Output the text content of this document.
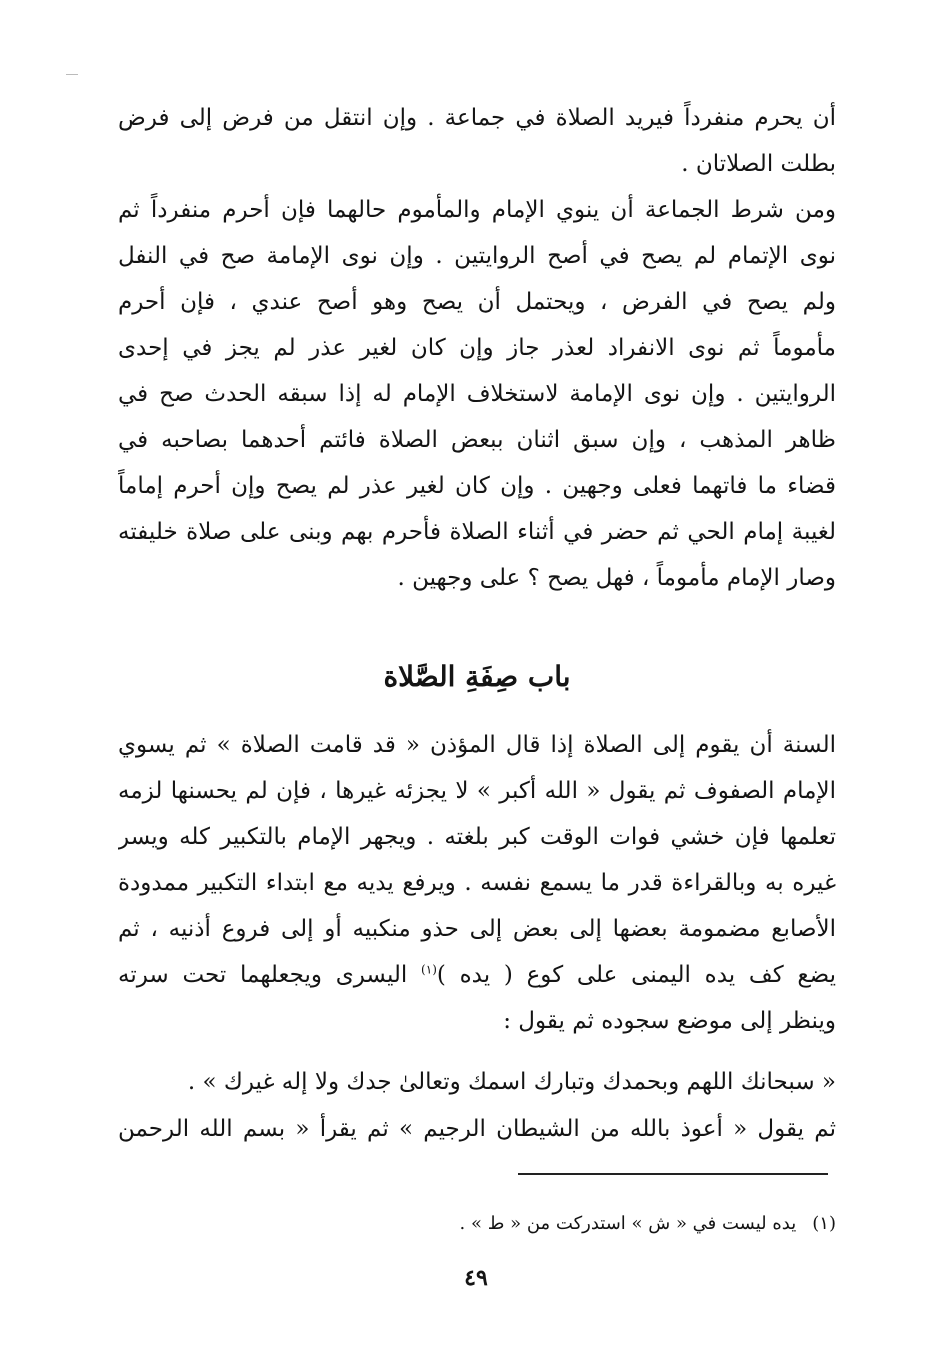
أن يحرم منفرداً فيريد الصلاة في جماعة . وإن انتقل من فرض إلى فرض
بطلت الصلاتان .
ومن شرط الجماعة أن ينوي الإمام والمأموم حالهما فإن أحرم منفرداً ثم
نوى الإتمام لم يصح في أصح الروايتين . وإن نوى الإمامة صح في النفل
ولم يصح في الفرض ، ويحتمل أن يصح وهو أصح عندي ، فإن أحرم
مأموماً ثم نوى الانفراد لعذر جاز وإن كان لغير عذر لم يجز في إحدى
الروايتين . وإن نوى الإمامة لاستخلاف الإمام له إذا سبقه الحدث صح في
ظاهر المذهب ، وإن سبق اثنان ببعض الصلاة فائتم أحدهما بصاحبه في
قضاء ما فاتهما فعلى وجهين . وإن كان لغير عذر لم يصح وإن أحرم إماماً
لغيبة إمام الحي ثم حضر في أثناء الصلاة فأحرم بهم وبنى على صلاة خليفته
وصار الإمام مأموماً ، فهل يصح ؟ على وجهين .
باب صِفَةِ الصَّلاة
السنة أن يقوم إلى الصلاة إذا قال المؤذن « قد قامت الصلاة » ثم يسوي
الإمام الصفوف ثم يقول « الله أكبر » لا يجزئه غيرها ، فإن لم يحسنها لزمه
تعلمها فإن خشي فوات الوقت كبر بلغته . ويجهر الإمام بالتكبير كله ويسر
غيره به وبالقراءة قدر ما يسمع نفسه . ويرفع يديه مع ابتداء التكبير ممدودة
الأصابع مضمومة بعضها إلى بعض إلى حذو منكبيه أو إلى فروع أذنيه ، ثم
يضع كف يده اليمنى على كوع ( يده )$^{(١)}$ اليسرى ويجعلهما تحت سرته
وينظر إلى موضع سجوده ثم يقول :
« سبحانك اللهم وبحمدك وتبارك اسمك وتعالىٰ جدك ولا إله غيرك » .
ثم يقول « أعوذ بالله من الشيطان الرجيم » ثم يقرأ « بسم الله الرحمن
(١)يده ليست في « ش » استدركت من « ط » .
٤٩
